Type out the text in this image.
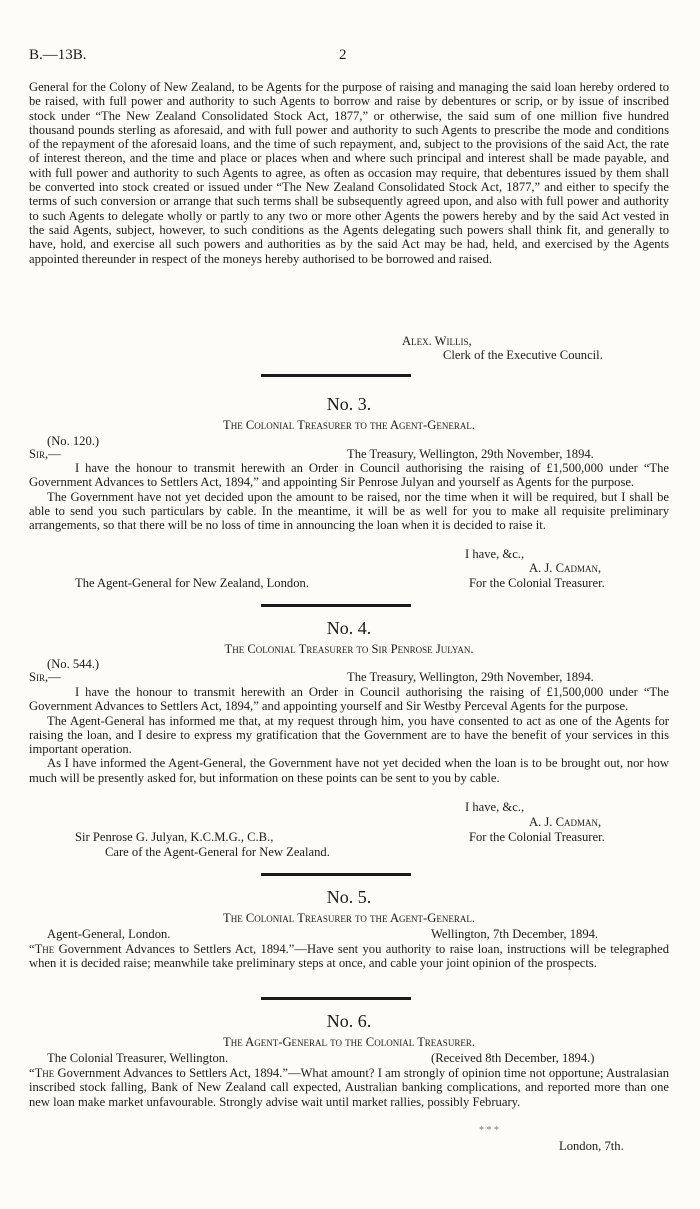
B.—13B.	2

General for the Colony of New Zealand, to be Agents for the purpose of raising and managing the said loan hereby ordered to be raised, with full power and authority to such Agents to borrow and raise by debentures or scrip, or by issue of inscribed stock under “The New Zealand Consolidated Stock Act, 1877,” or otherwise, the said sum of one million five hundred thousand pounds sterling as aforesaid, and with full power and authority to such Agents to prescribe the mode and conditions of the repayment of the aforesaid loans, and the time of such repayment, and, subject to the provisions of the said Act, the rate of interest thereon, and the time and place or places when and where such principal and interest shall be made payable, and with full power and authority to such Agents to agree, as often as occasion may require, that debentures issued by them shall be converted into stock created or issued under “The New Zealand Consolidated Stock Act, 1877,” and either to specify the terms of such conversion or arrange that such terms shall be subsequently agreed upon, and also with full power and authority to such Agents to delegate wholly or partly to any two or more other Agents the powers hereby and by the said Act vested in the said Agents, subject, however, to such conditions as the Agents delegating such powers shall think fit, and generally to have, hold, and exercise all such powers and authorities as by the said Act may be had, held, and exercised by the Agents appointed thereunder in respect of the moneys hereby authorised to be borrowed and raised.

Alex. Willis,
Clerk of the Executive Council.
No. 3.
The Colonial Treasurer to the Agent-General.
(No. 120.)
Sir,—	The Treasury, Wellington, 29th November, 1894.

I have the honour to transmit herewith an Order in Council authorising the raising of £1,500,000 under “The Government Advances to Settlers Act, 1894,” and appointing Sir Penrose Julyan and yourself as Agents for the purpose.

The Government have not yet decided upon the amount to be raised, nor the time when it will be required, but I shall be able to send you such particulars by cable. In the meantime, it will be as well for you to make all requisite preliminary arrangements, so that there will be no loss of time in announcing the loan when it is decided to raise it.

I have, &c.,
A. J. Cadman,
The Agent-General for New Zealand, London.	For the Colonial Treasurer.
No. 4.
The Colonial Treasurer to Sir Penrose Julyan.
(No. 544.)
Sir,—	The Treasury, Wellington, 29th November, 1894.

I have the honour to transmit herewith an Order in Council authorising the raising of £1,500,000 under “The Government Advances to Settlers Act, 1894,” and appointing yourself and Sir Westby Perceval Agents for the purpose.

The Agent-General has informed me that, at my request through him, you have consented to act as one of the Agents for raising the loan, and I desire to express my gratification that the Government are to have the benefit of your services in this important operation.

As I have informed the Agent-General, the Government have not yet decided when the loan is to be brought out, nor how much will be presently asked for, but information on these points can be sent to you by cable.

I have, &c.,
A. J. Cadman,
Sir Penrose G. Julyan, K.C.M.G., C.B.,	For the Colonial Treasurer.
Care of the Agent-General for New Zealand.
No. 5.
The Colonial Treasurer to the Agent-General.
Agent-General, London.	Wellington, 7th December, 1894.

“The Government Advances to Settlers Act, 1894.”—Have sent you authority to raise loan, instructions will be telegraphed when it is decided raise; meanwhile take preliminary steps at once, and cable your joint opinion of the prospects.

No. 6.
The Agent-General to the Colonial Treasurer.
The Colonial Treasurer, Wellington.	(Received 8th December, 1894.)

“The Government Advances to Settlers Act, 1894.”—What amount? I am strongly of opinion time not opportune; Australasian inscribed stock falling, Bank of New Zealand call expected, Australian banking complications, and reported more than one new loan make market unfavourable. Strongly advise wait until market rallies, possibly February.

* * *
London, 7th.
